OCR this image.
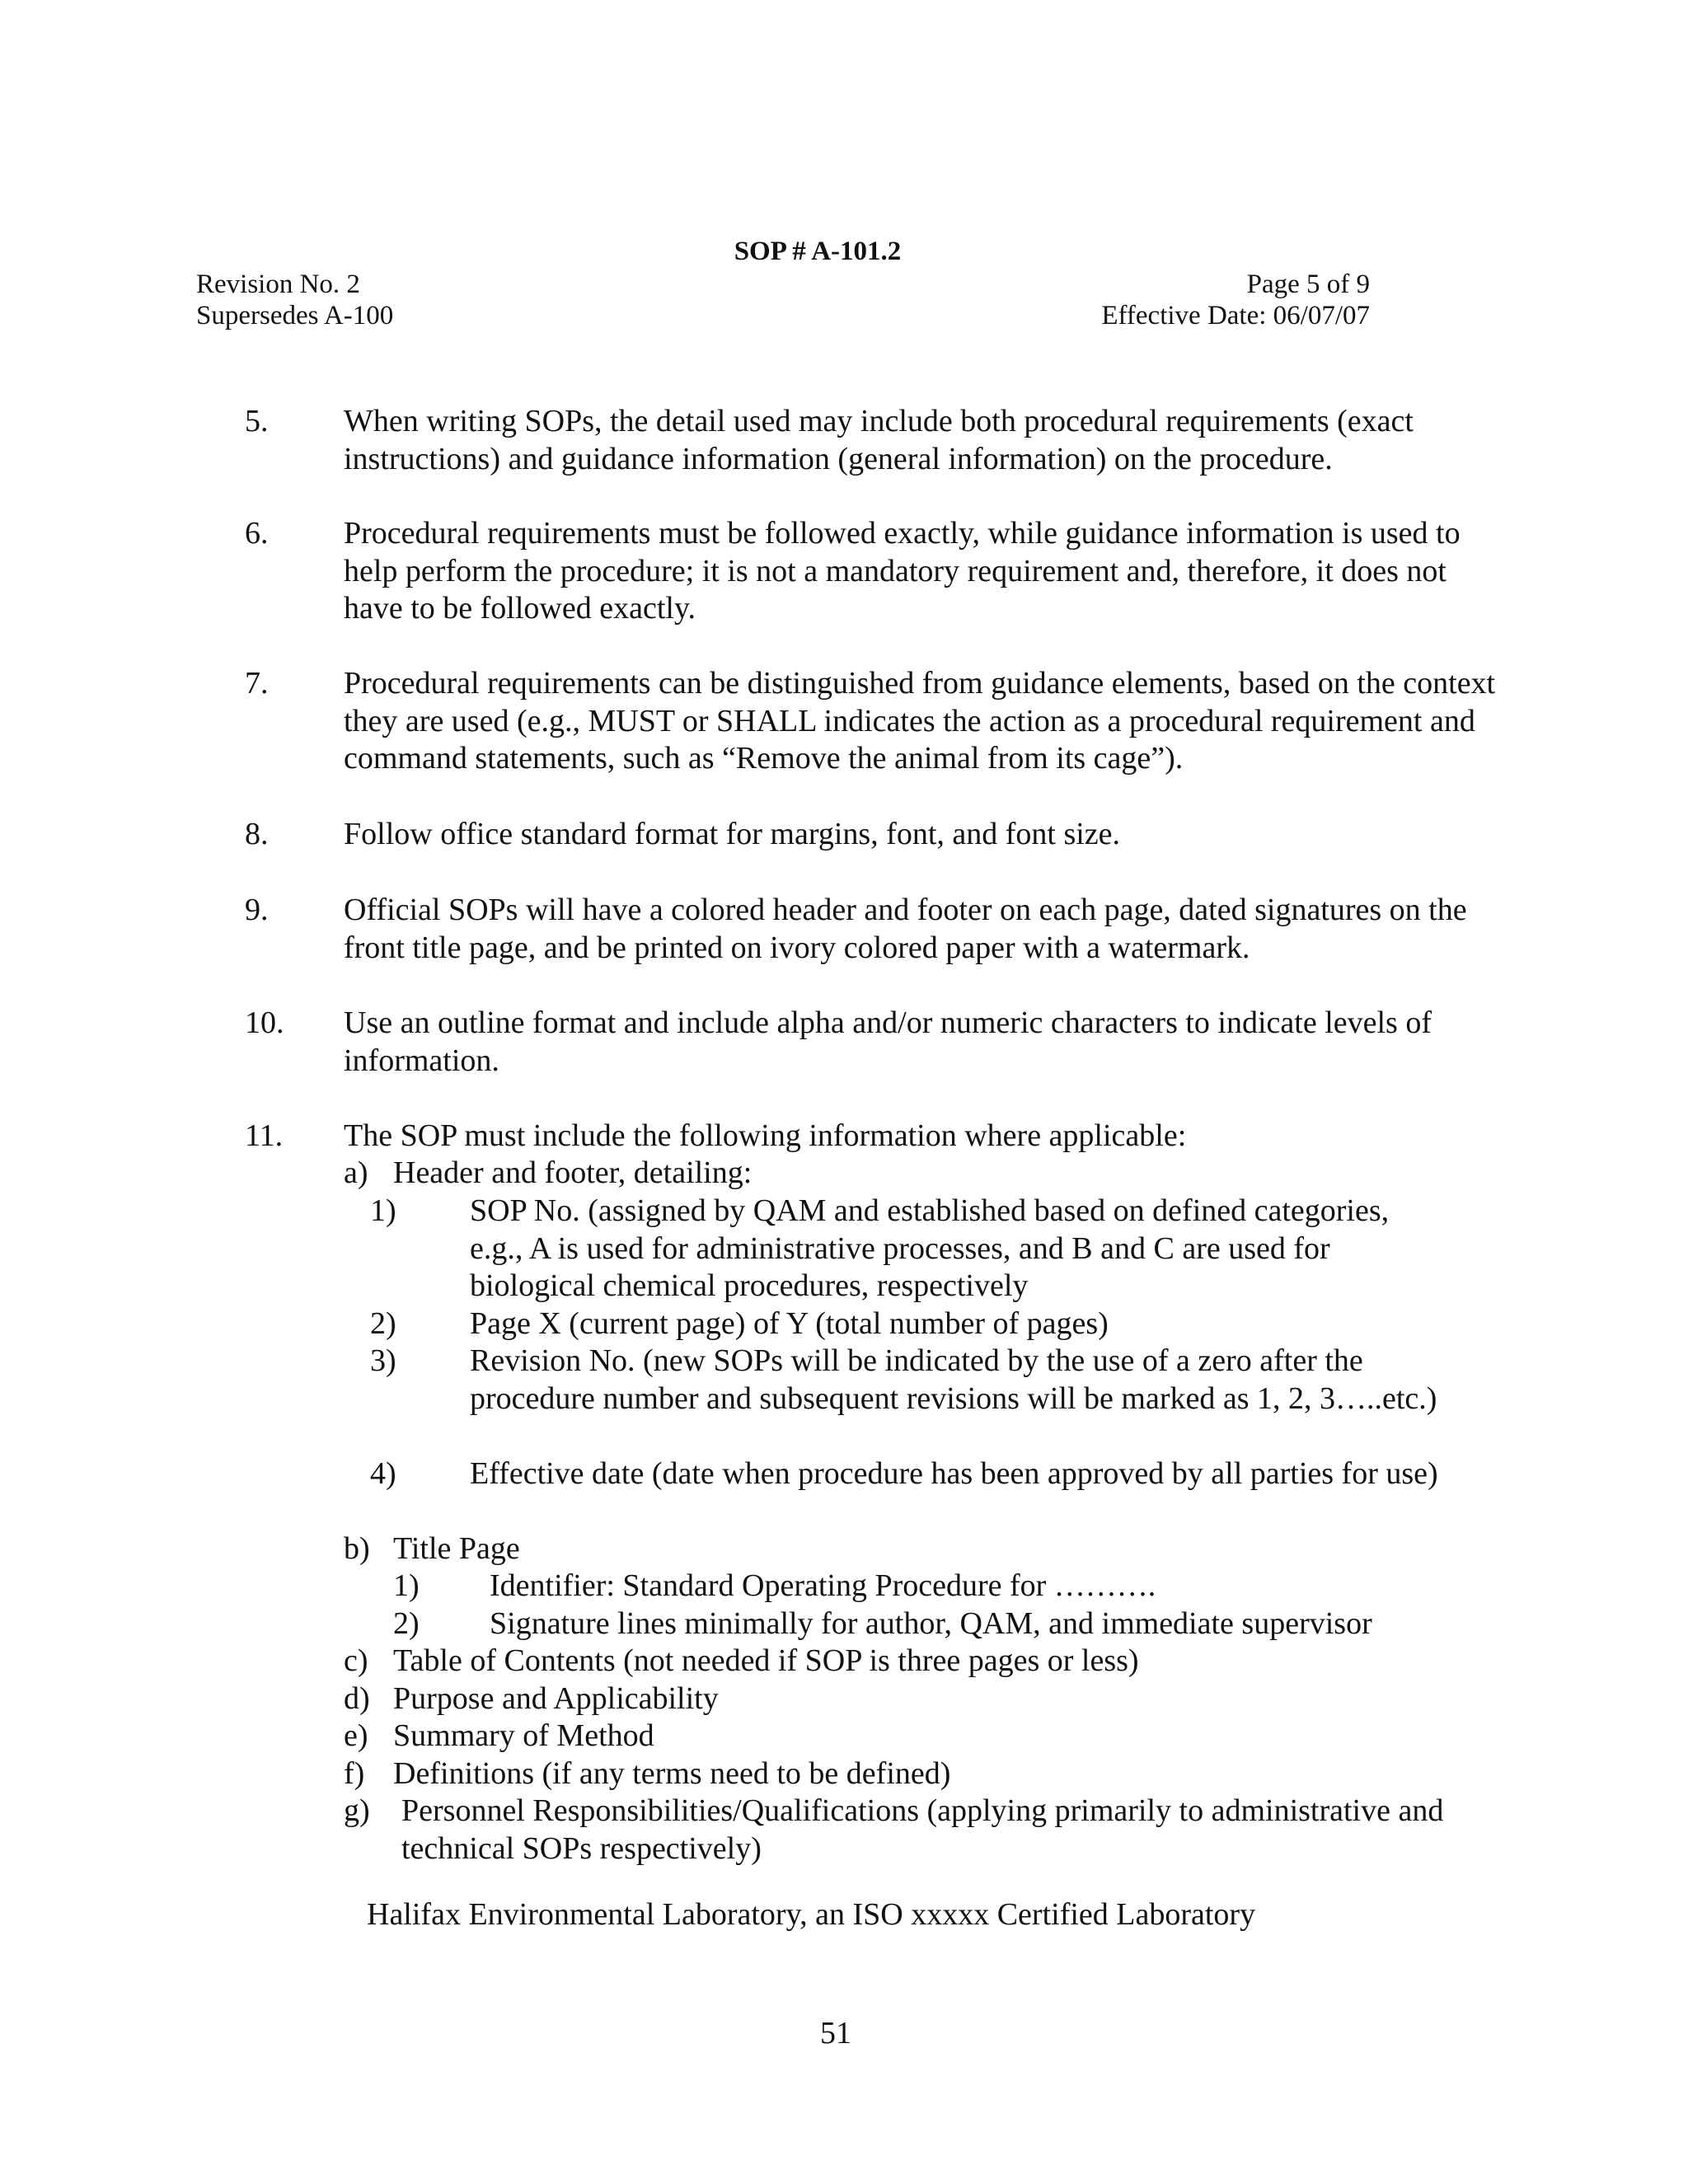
SOP # A-101.2
Revision No. 2
Supersedes A-100
Page 5 of 9
Effective Date: 06/07/07
5. When writing SOPs, the detail used may include both procedural requirements (exact instructions) and guidance information (general information) on the procedure.
6. Procedural requirements must be followed exactly, while guidance information is used to help perform the procedure; it is not a mandatory requirement and, therefore, it does not have to be followed exactly.
7. Procedural requirements can be distinguished from guidance elements, based on the context they are used (e.g., MUST or SHALL indicates the action as a procedural requirement and command statements, such as “Remove the animal from its cage”).
8. Follow office standard format for margins, font, and font size.
9. Official SOPs will have a colored header and footer on each page, dated signatures on the front title page, and be printed on ivory colored paper with a watermark.
10. Use an outline format and include alpha and/or numeric characters to indicate levels of information.
11. The SOP must include the following information where applicable:
a) Header and footer, detailing:
1) SOP No. (assigned by QAM and established based on defined categories, e.g., A is used for administrative processes, and B and C are used for biological chemical procedures, respectively
2) Page X (current page) of Y (total number of pages)
3) Revision No. (new SOPs will be indicated by the use of a zero after the procedure number and subsequent revisions will be marked as 1, 2, 3…..etc.)
4) Effective date (date when procedure has been approved by all parties for use)
b) Title Page
1) Identifier: Standard Operating Procedure for ……….
2) Signature lines minimally for author, QAM, and immediate supervisor
c) Table of Contents (not needed if SOP is three pages or less)
d) Purpose and Applicability
e) Summary of Method
f) Definitions (if any terms need to be defined)
g) Personnel Responsibilities/Qualifications (applying primarily to administrative and technical SOPs respectively)
Halifax Environmental Laboratory, an ISO xxxxx Certified Laboratory
51
